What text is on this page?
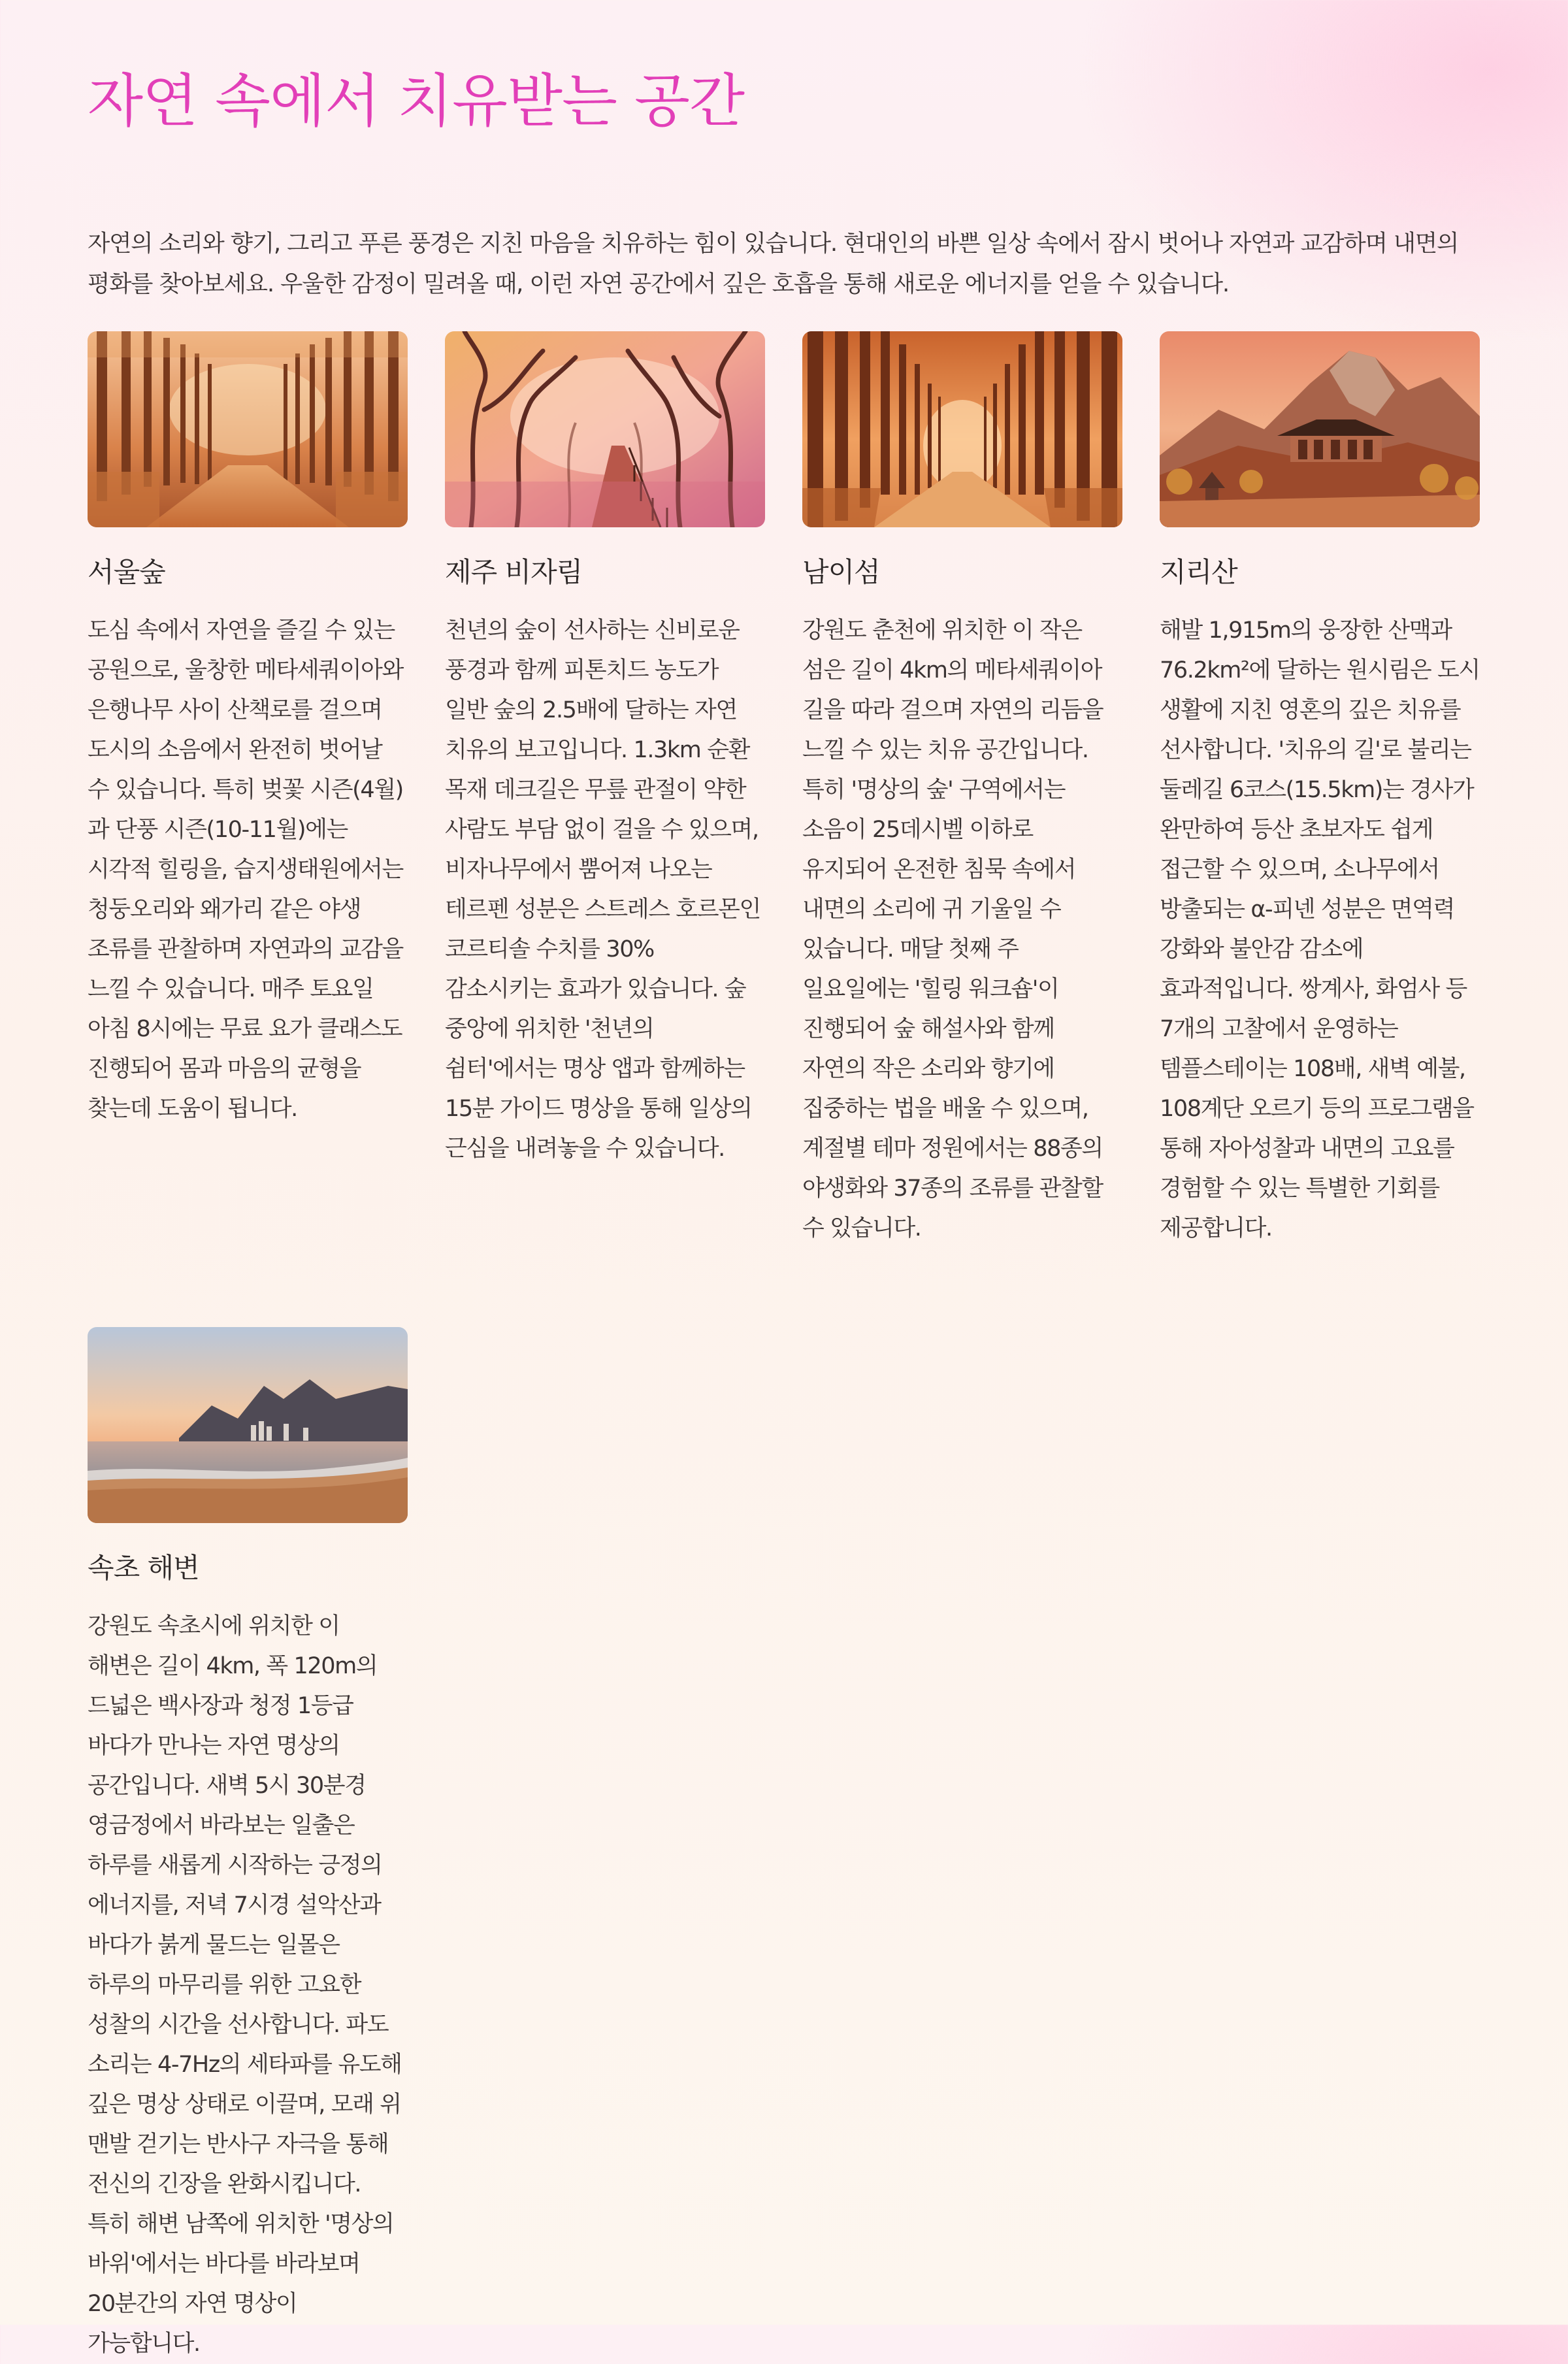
자연 속에서 치유받는 공간

자연의 소리와 향기, 그리고 푸른 풍경은 지친 마음을 치유하는 힘이 있습니다. 현대인의 바쁜 일상 속에서 잠시 벗어나 자연과 교감하며 내면의 평화를 찾아보세요. 우울한 감정이 밀려올 때, 이런 자연 공간에서 깊은 호흡을 통해 새로운 에너지를 얻을 수 있습니다.

서울숲

도심 속에서 자연을 즐길 수 있는 공원으로, 울창한 메타세쿼이아와 은행나무 사이 산책로를 걸으며 도시의 소음에서 완전히 벗어날 수 있습니다. 특히 벚꽃 시즌(4월)과 단풍 시즌(10-11월)에는 시각적 힐링을, 습지생태원에서는 청둥오리와 왜가리 같은 야생 조류를 관찰하며 자연과의 교감을 느낄 수 있습니다. 매주 토요일 아침 8시에는 무료 요가 클래스도 진행되어 몸과 마음의 균형을 찾는데 도움이 됩니다.

제주 비자림

천년의 숲이 선사하는 신비로운 풍경과 함께 피톤치드 농도가 일반 숲의 2.5배에 달하는 자연 치유의 보고입니다. 1.3km 순환 목재 데크길은 무릎 관절이 약한 사람도 부담 없이 걸을 수 있으며, 비자나무에서 뿜어져 나오는 테르펜 성분은 스트레스 호르몬인 코르티솔 수치를 30% 감소시키는 효과가 있습니다. 숲 중앙에 위치한 '천년의 쉼터'에서는 명상 앱과 함께하는 15분 가이드 명상을 통해 일상의 근심을 내려놓을 수 있습니다.

남이섬

강원도 춘천에 위치한 이 작은 섬은 길이 4km의 메타세쿼이아 길을 따라 걸으며 자연의 리듬을 느낄 수 있는 치유 공간입니다. 특히 '명상의 숲' 구역에서는 소음이 25데시벨 이하로 유지되어 온전한 침묵 속에서 내면의 소리에 귀 기울일 수 있습니다. 매달 첫째 주 일요일에는 '힐링 워크숍'이 진행되어 숲 해설사와 함께 자연의 작은 소리와 향기에 집중하는 법을 배울 수 있으며, 계절별 테마 정원에서는 88종의 야생화와 37종의 조류를 관찰할 수 있습니다.

지리산

해발 1,915m의 웅장한 산맥과 76.2km²에 달하는 원시림은 도시 생활에 지친 영혼의 깊은 치유를 선사합니다. '치유의 길'로 불리는 둘레길 6코스(15.5km)는 경사가 완만하여 등산 초보자도 쉽게 접근할 수 있으며, 소나무에서 방출되는 α-피넨 성분은 면역력 강화와 불안감 감소에 효과적입니다. 쌍계사, 화엄사 등 7개의 고찰에서 운영하는 템플스테이는 108배, 새벽 예불, 108계단 오르기 등의 프로그램을 통해 자아성찰과 내면의 고요를 경험할 수 있는 특별한 기회를 제공합니다.

속초 해변

강원도 속초시에 위치한 이 해변은 길이 4km, 폭 120m의 드넓은 백사장과 청정 1등급 바다가 만나는 자연 명상의 공간입니다. 새벽 5시 30분경 영금정에서 바라보는 일출은 하루를 새롭게 시작하는 긍정의 에너지를, 저녁 7시경 설악산과 바다가 붉게 물드는 일몰은 하루의 마무리를 위한 고요한 성찰의 시간을 선사합니다. 파도 소리는 4-7Hz의 세타파를 유도해 깊은 명상 상태로 이끌며, 모래 위 맨발 걷기는 반사구 자극을 통해 전신의 긴장을 완화시킵니다. 특히 해변 남쪽에 위치한 '명상의 바위'에서는 바다를 바라보며 20분간의 자연 명상이 가능합니다.
